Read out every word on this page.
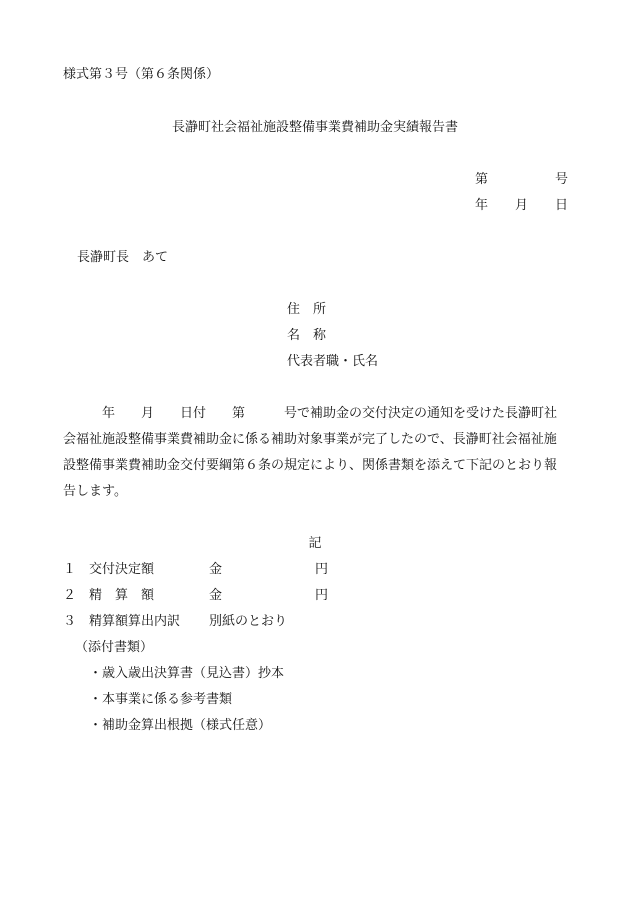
様式第３号（第６条関係）
長瀞町社会福祉施設整備事業費補助金実績報告書
第	号
年 月 日
長瀞町長　あて
住　所
名　称
代表者職・氏名
　　　年　　月　　日付　　第　　　号で補助金の交付決定の通知を受けた長瀞町社
会福祉施設整備事業費補助金に係る補助対象事業が完了したので、長瀞町社会福祉施
設整備事業費補助金交付要綱第６条の規定により、関係書類を添えて下記のとおり報
告します。
記
１ 交付決定額	金	円
２ 精　算　額	金	円
３ 精算額算出内訳 別紙のとおり
（添付書類）
・歳入歳出決算書（見込書）抄本
・本事業に係る参考書類
・補助金算出根拠（様式任意）
